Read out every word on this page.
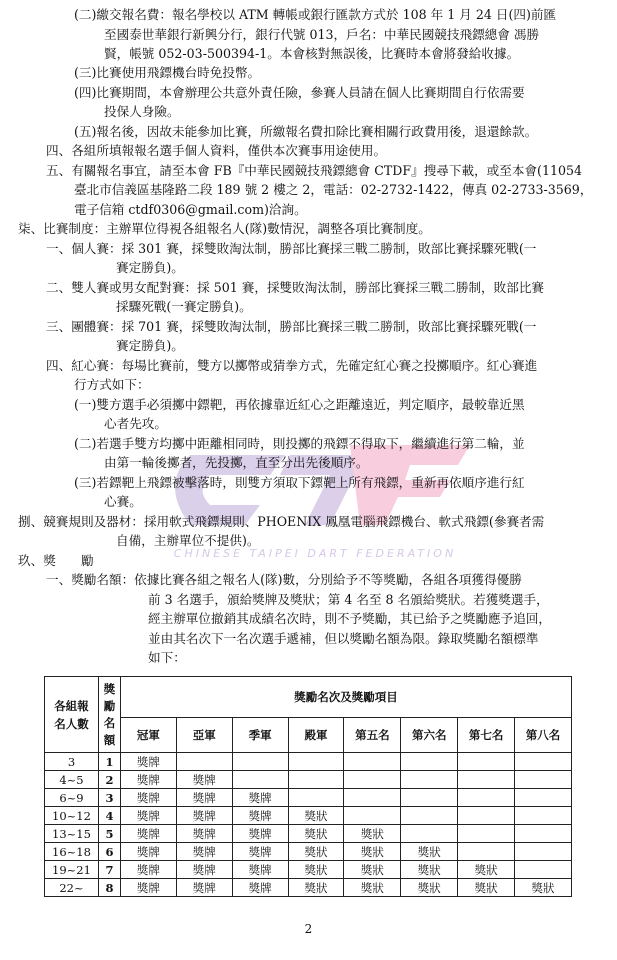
CHINESE TAIPEI DART FEDERATION
(二)繳交報名費：報名學校以 ATM 轉帳或銀行匯款方式於 108 年 1 月 24 日(四)前匯
至國泰世華銀行新興分行，銀行代號 013，戶名：中華民國競技飛鏢總會 馮勝
賢，帳號 052-03-500394-1。本會核對無誤後，比賽時本會將發給收據。
(三)比賽使用飛鏢機台時免投幣。
(四)比賽期間，本會辦理公共意外責任險，參賽人員請在個人比賽期間自行依需要
投保人身險。
(五)報名後，因故未能參加比賽，所繳報名費扣除比賽相關行政費用後，退還餘款。
四、各組所填報報名選手個人資料，僅供本次賽事用途使用。
五、有關報名事宜，請至本會 FB『中華民國競技飛鏢總會 CTDF』搜尋下載，或至本會(11054
臺北市信義區基隆路二段 189 號 2 樓之 2，電話：02-2732-1422，傳真 02-2733-3569，
電子信箱 ctdf0306@gmail.com)洽詢。
柒、比賽制度：主辦單位得視各組報名人(隊)數情況，調整各項比賽制度。
一、個人賽：採 301 賽，採雙敗淘汰制，勝部比賽採三戰二勝制，敗部比賽採驟死戰(一
賽定勝負)。
二、雙人賽或男女配對賽：採 501 賽，採雙敗淘汰制，勝部比賽採三戰二勝制，敗部比賽
採驟死戰(一賽定勝負)。
三、團體賽：採 701 賽，採雙敗淘汰制，勝部比賽採三戰二勝制，敗部比賽採驟死戰(一
賽定勝負)。
四、紅心賽：每場比賽前，雙方以擲幣或猜拳方式，先確定紅心賽之投擲順序。紅心賽進
行方式如下：
(一)雙方選手必須擲中鏢靶，再依據靠近紅心之距離遠近，判定順序，最較靠近黑
心者先攻。
(二)若選手雙方均擲中距離相同時，則投擲的飛鏢不得取下，繼續進行第二輪，並
由第一輪後擲者，先投擲，直至分出先後順序。
(三)若鏢靶上飛鏢被擊落時，則雙方須取下鏢靶上所有飛鏢，重新再依順序進行紅
心賽。
捌、競賽規則及器材：採用軟式飛鏢規則、PHOENIX 鳳凰電腦飛鏢機台、軟式飛鏢(參賽者需
自備，主辦單位不提供)。
玖、獎　　勵
一、獎勵名額：依據比賽各組之報名人(隊)數，分別給予不等獎勵，各組各項獲得優勝
前 3 名選手，頒給獎牌及獎狀；第 4 名至 8 名頒給獎狀。若獲獎選手，
經主辦單位撤銷其成績名次時，則不予獎勵，其已給予之獎勵應予追回，
並由其名次下一名次選手遞補，但以獎勵名額為限。錄取獎勵名額標準
如下：
各組報名人數	獎勵名額	獎勵名次及獎勵項目							
		冠軍	亞軍	季軍	殿軍	第五名	第六名	第七名	第八名
3	1	獎牌							
4~5	2	獎牌	獎牌						
6~9	3	獎牌	獎牌	獎牌					
10~12	4	獎牌	獎牌	獎牌	獎狀				
13~15	5	獎牌	獎牌	獎牌	獎狀	獎狀			
16~18	6	獎牌	獎牌	獎牌	獎狀	獎狀	獎狀		
19~21	7	獎牌	獎牌	獎牌	獎狀	獎狀	獎狀	獎狀	
22~	8	獎牌	獎牌	獎牌	獎狀	獎狀	獎狀	獎狀	獎狀
2
